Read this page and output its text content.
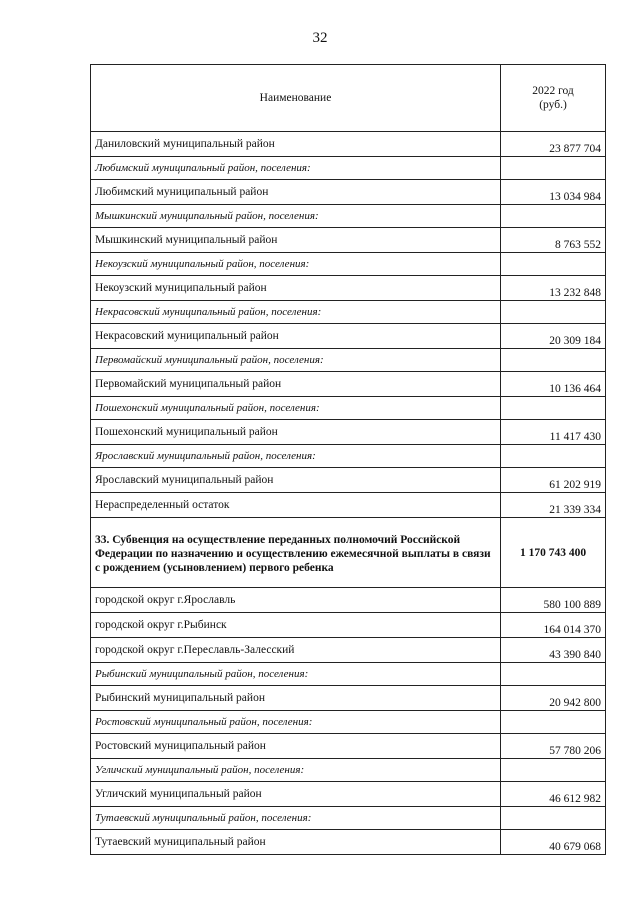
32
Наименование	2022 год
(руб.)
Даниловский муниципальный район	23 877 704
Любимский муниципальный район, поселения:	
Любимский муниципальный район	13 034 984
Мышкинский муниципальный район, поселения:	
Мышкинский муниципальный район	8 763 552
Некоузский муниципальный район, поселения:	
Некоузский муниципальный район	13 232 848
Некрасовский муниципальный район, поселения:	
Некрасовский муниципальный район	20 309 184
Первомайский муниципальный район, поселения:	
Первомайский муниципальный район	10 136 464
Пошехонский муниципальный район, поселения:	
Пошехонский муниципальный район	11 417 430
Ярославский муниципальный район, поселения:	
Ярославский муниципальный район	61 202 919
Нераспределенный остаток	21 339 334
33. Субвенция на осуществление переданных полномочий Российской Федерации по назначению и осуществлению ежемесячной выплаты в связи с рождением (усыновлением) первого ребенка	1 170 743 400
городской округ г.Ярославль	580 100 889
городской округ г.Рыбинск	164 014 370
городской округ г.Переславль-Залесский	43 390 840
Рыбинский муниципальный район, поселения:	
Рыбинский муниципальный район	20 942 800
Ростовский муниципальный район, поселения:	
Ростовский муниципальный район	57 780 206
Угличский муниципальный район, поселения:	
Угличский муниципальный район	46 612 982
Тутаевский муниципальный район, поселения:	
Тутаевский муниципальный район	40 679 068
